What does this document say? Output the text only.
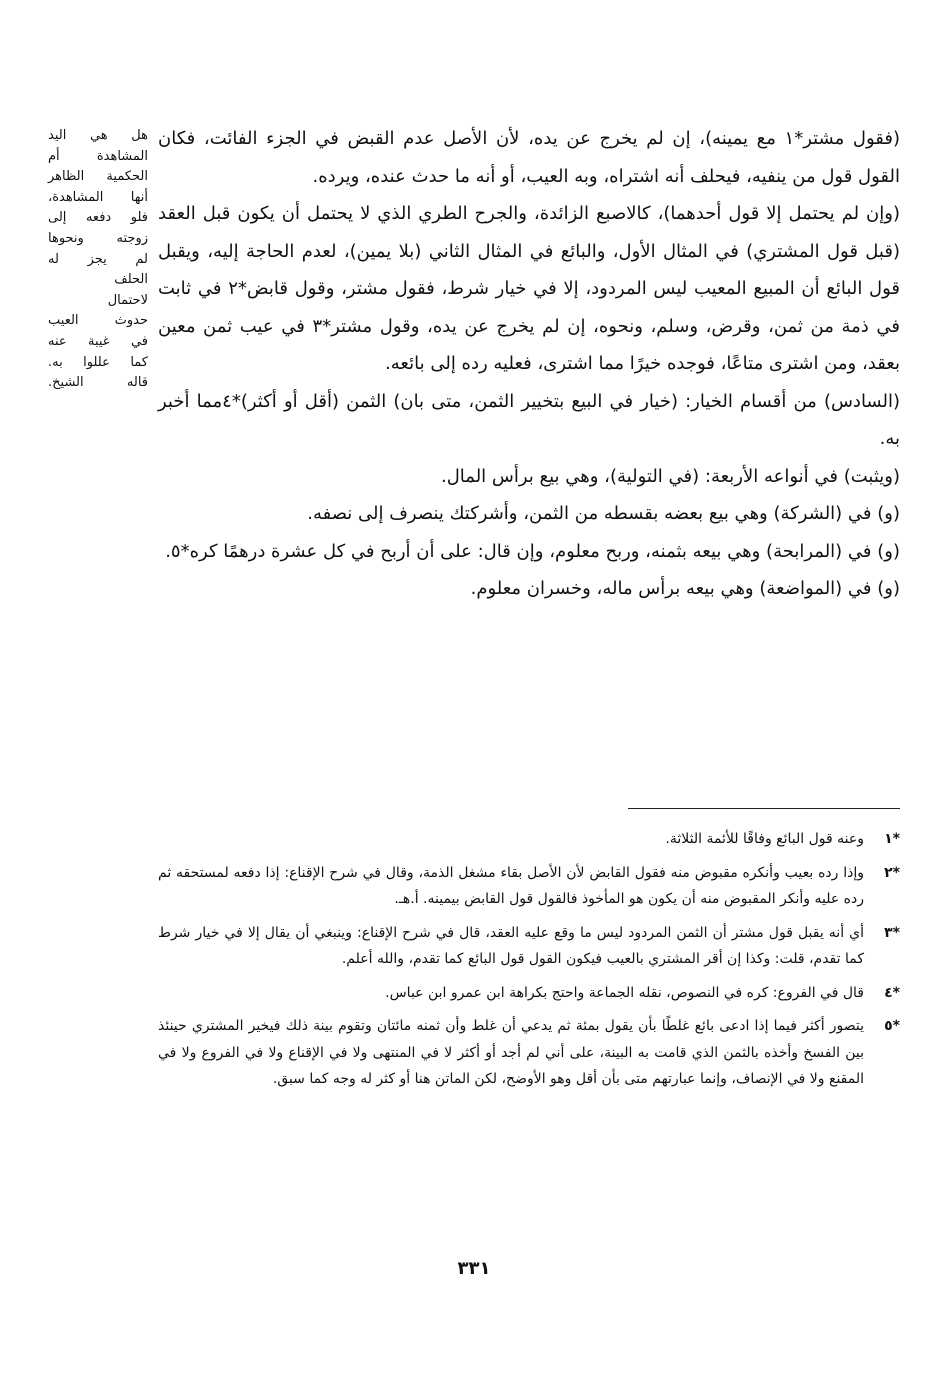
(فقول مشتر*١ مع يمينه)، إن لم يخرج عن يده، لأن الأصل عدم القبض في الجزء الفائت، فكان القول قول من ينفيه، فيحلف أنه اشتراه، وبه العيب، أو أنه ما حدث عنده، ويرده.

(وإن لم يحتمل إلا قول أحدهما)، كالاصبع الزائدة، والجرح الطري الذي لا يحتمل أن يكون قبل العقد (قبل قول المشتري) في المثال الأول، والبائع في المثال الثاني (بلا يمين)، لعدم الحاجة إليه، ويقبل قول البائع أن المبيع المعيب ليس المردود، إلا في خيار شرط، فقول مشتر، وقول قابض*٢ في ثابت في ذمة من ثمن، وقرض، وسلم، ونحوه، إن لم يخرج عن يده، وقول مشتر*٣ في عيب ثمن معين بعقد، ومن اشترى متاعًا، فوجده خيرًا مما اشترى، فعليه رده إلى بائعه.

(السادس) من أقسام الخيار: (خيار في البيع بتخيير الثمن، متى بان) الثمن (أقل أو أكثر)*٤مما أخبر به.

(ويثبت) في أنواعه الأربعة: (في التولية)، وهي بيع برأس المال.

(و) في (الشركة) وهي بيع بعضه بقسطه من الثمن، وأشركتك ينصرف إلى نصفه.

(و) في (المرابحة) وهي بيعه بثمنه، وربح معلوم، وإن قال: على أن أربح في كل عشرة درهمًا كره*٥.

(و) في (المواضعة) وهي بيعه برأس ماله، وخسران معلوم.

هل هي اليد
المشاهدة أم
الحكمية الظاهر
أنها المشاهدة،
فلو دفعه إلى
زوجته ونحوها
لم يجز له
الحلف
لاحتمال
حدوث العيب
في غيبة عنه
كما عللوا به.
قاله الشيخ.
*١
وعنه قول البائع وفاقًا للأئمة الثلاثة.
*٢
وإذا رده بعيب وأنكره مقبوض منه فقول القابض لأن الأصل بقاء مشغل الذمة، وقال في شرح الإقناع: إذا دفعه لمستحقه ثم رده عليه وأنكر المقبوض منه أن يكون هو المأخوذ فالقول قول القابض بيمينه. أ.هـ.
*٣
أي أنه يقبل قول مشتر أن الثمن المردود ليس ما وقع عليه العقد، قال في شرح الإقناع: وينبغي أن يقال إلا في خيار شرط كما تقدم، قلت: وكذا إن أقر المشتري بالعيب فيكون القول قول البائع كما تقدم، والله أعلم.
*٤
قال في الفروع: كره في النصوص، نقله الجماعة واحتج بكراهة ابن عمرو ابن عباس.
*٥
يتصور أكثر فيما إذا ادعى بائع غلطًا بأن يقول بمئة ثم يدعي أن غلط وأن ثمنه مائتان وتقوم بينة ذلك فيخير المشتري حينئذ بين الفسخ وأخذه بالثمن الذي قامت به البينة، على أني لم أجد أو أكثر لا في المنتهى ولا في الإقناع ولا في الفروع ولا في المقنع ولا في الإنصاف، وإنما عبارتهم متى بأن أقل وهو الأوضح، لكن الماتن هنا أو كثر له وجه كما سبق.
٣٣١
